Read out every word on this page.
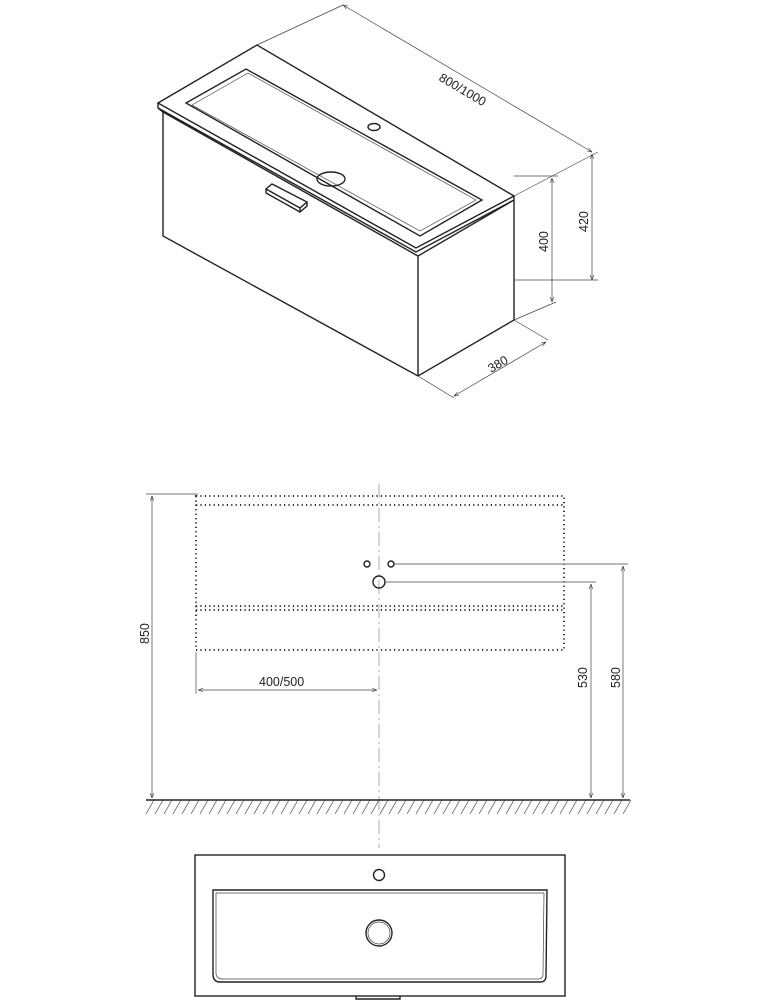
800/1000
400
420
380
850
400/500	530 580
